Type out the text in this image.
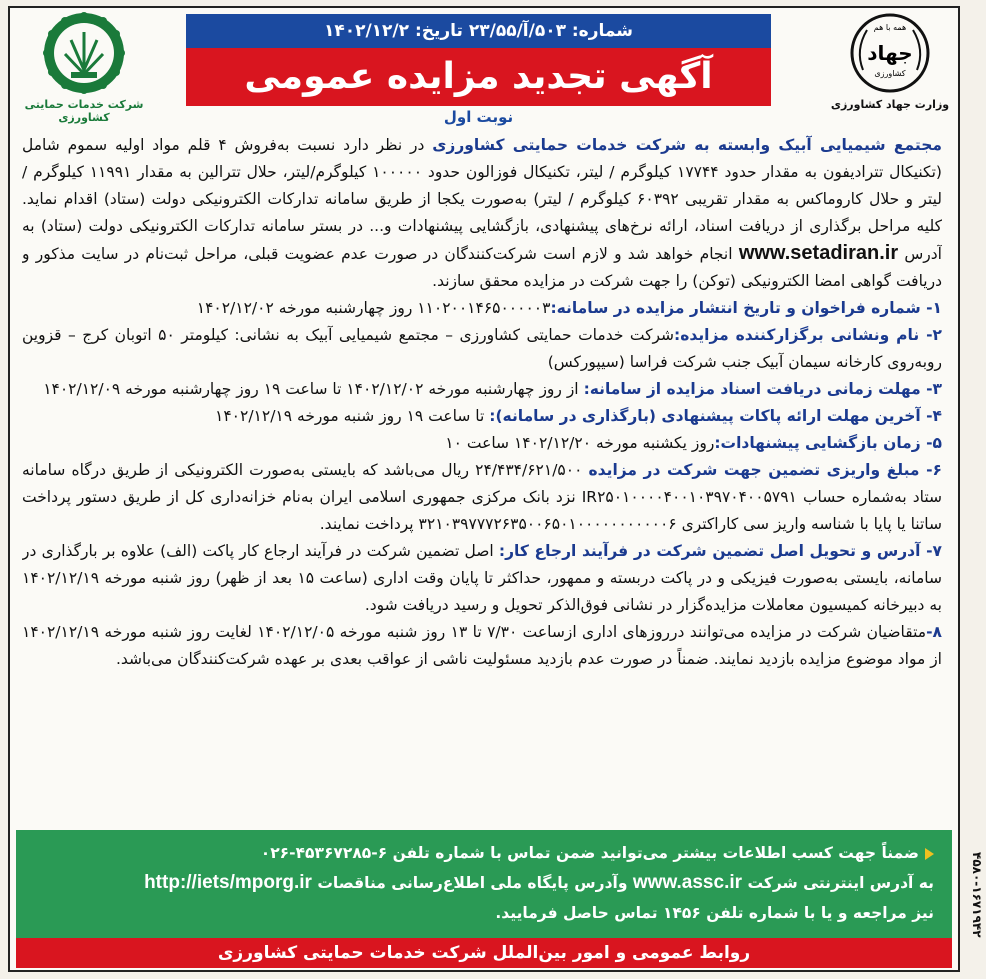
۴۵۸۰-۱۶۷۱۹۴۲
شرکت خدمات حمایتی کشاورزی
همه با هم
جهاد
کشاورزی
وزارت جهاد کشاورزی
شماره: ۵۰۳/آ/۲۳/۵۵ تاریخ: ۱۴۰۲/۱۲/۲
آگهی تجدید مزایده عمومی
نوبت اول

مجتمع شیمیایی آبیک وابسته به شرکت خدمات حمایتی کشاورزی در نظر دارد نسبت به‌فروش ۴ قلم مواد اولیه سموم شامل (تکنیکال تترادیفون به مقدار حدود ۱۷۷۴۴ کیلوگرم / لیتر، تکنیکال فوزالون حدود ۱۰۰۰۰۰ کیلوگرم/لیتر، حلال تترالین به مقدار ۱۱۹۹۱ کیلوگرم / لیتر و حلال کاروماکس به مقدار تقریبی ۶۰۳۹۲ کیلوگرم / لیتر) به‌صورت یکجا از طریق سامانه تدارکات الکترونیکی دولت (ستاد) اقدام نماید. کلیه مراحل برگذاری از دریافت اسناد، ارائه نرخ‌های پیشنهادی، بازگشایی پیشنهادات و... در بستر سامانه تدارکات الکترونیکی دولت (ستاد) به آدرس www.setadiran.ir انجام خواهد شد و لازم است شرکت‌کنندگان در صورت عدم عضویت قبلی، مراحل ثبت‌نام در سایت مذکور و دریافت گواهی امضا الکترونیکی (توکن) را جهت شرکت در مزایده محقق سازند.

۱- شماره فراخوان و تاریخ انتشار مزایده در سامانه:۱۱۰۲۰۰۱۴۶۵۰۰۰۰۰۳ روز چهارشنبه مورخه ۱۴۰۲/۱۲/۰۲

۲- نام ونشانی برگزارکننده مزایده:شرکت خدمات حمایتی کشاورزی – مجتمع شیمیایی آبیک به نشانی: کیلومتر ۵۰ اتوبان کرج – قزوین روبه‌روی کارخانه سیمان آبیک جنب شرکت فراسا (سیپورکس)

۳- مهلت زمانی دریافت اسناد مزایده از سامانه: از روز چهارشنبه مورخه ۱۴۰۲/۱۲/۰۲ تا ساعت ۱۹ روز چهارشنبه مورخه ۱۴۰۲/۱۲/۰۹

۴- آخرین مهلت ارائه پاکات پیشنهادی (بارگذاری در سامانه): تا ساعت ۱۹ روز شنبه مورخه ۱۴۰۲/۱۲/۱۹

۵- زمان بازگشایی پیشنهادات:روز یکشنبه مورخه ۱۴۰۲/۱۲/۲۰ ساعت ۱۰

۶- مبلغ واریزی تضمین جهت شرکت در مزایده ۲۴/۴۳۴/۶۲۱/۵۰۰ ریال می‌باشد که بایستی به‌صورت الکترونیکی از طریق درگاه سامانه ستاد به‌شماره حساب IR۲۵۰۱۰۰۰۰۴۰۰۱۰۳۹۷۰۴۰۰۵۷۹۱ نزد بانک مرکزی جمهوری اسلامی ایران به‌نام خزانه‌داری کل از طریق دستور پرداخت ساتنا یا پایا با شناسه واریز سی کاراکتری ۳۲۱۰۳۹۷۷۷۲۶۳۵۰۰۶۵۰۱۰۰۰۰۰۰۰۰۰۰۰۶ پرداخت نمایند.

۷- آدرس و تحویل اصل تضمین شرکت در فرآیند ارجاع کار: اصل تضمین شرکت در فرآیند ارجاع کار پاکت (الف) علاوه بر بارگذاری در سامانه، بایستی به‌صورت فیزیکی و در پاکت دربسته و ممهور، حداکثر تا پایان وقت اداری (ساعت ۱۵ بعد از ظهر) روز شنبه مورخه ۱۴۰۲/۱۲/۱۹ به دبیرخانه کمیسیون معاملات مزایده‌گزار در نشانی فوق‌الذکر تحویل و رسید دریافت شود.

۸-متقاضیان شرکت در مزایده می‌توانند درروزهای اداری ازساعت ۷/۳۰ تا ۱۳ روز شنبه مورخه ۱۴۰۲/۱۲/۰۵ لغایت روز شنبه مورخه ۱۴۰۲/۱۲/۱۹ از مواد موضوع مزایده بازدید نمایند. ضمناً در صورت عدم بازدید مسئولیت ناشی از عواقب بعدی بر عهده شرکت‌کنندگان می‌باشد.

ضمناً جهت کسب اطلاعات بیشتر می‌توانید ضمن تماس با شماره تلفن ۶-۴۵۳۶۷۲۸۵-۰۲۶
به آدرس اینترنتی شرکت www.assc.ir وآدرس پایگاه ملی اطلاع‌رسانی مناقصات http://iets/mporg.ir
نیز مراجعه و یا با شماره تلفن ۱۴۵۶ تماس حاصل فرمایید.
روابط عمومی و امور بین‌الملل شرکت خدمات حمایتی کشاورزی
